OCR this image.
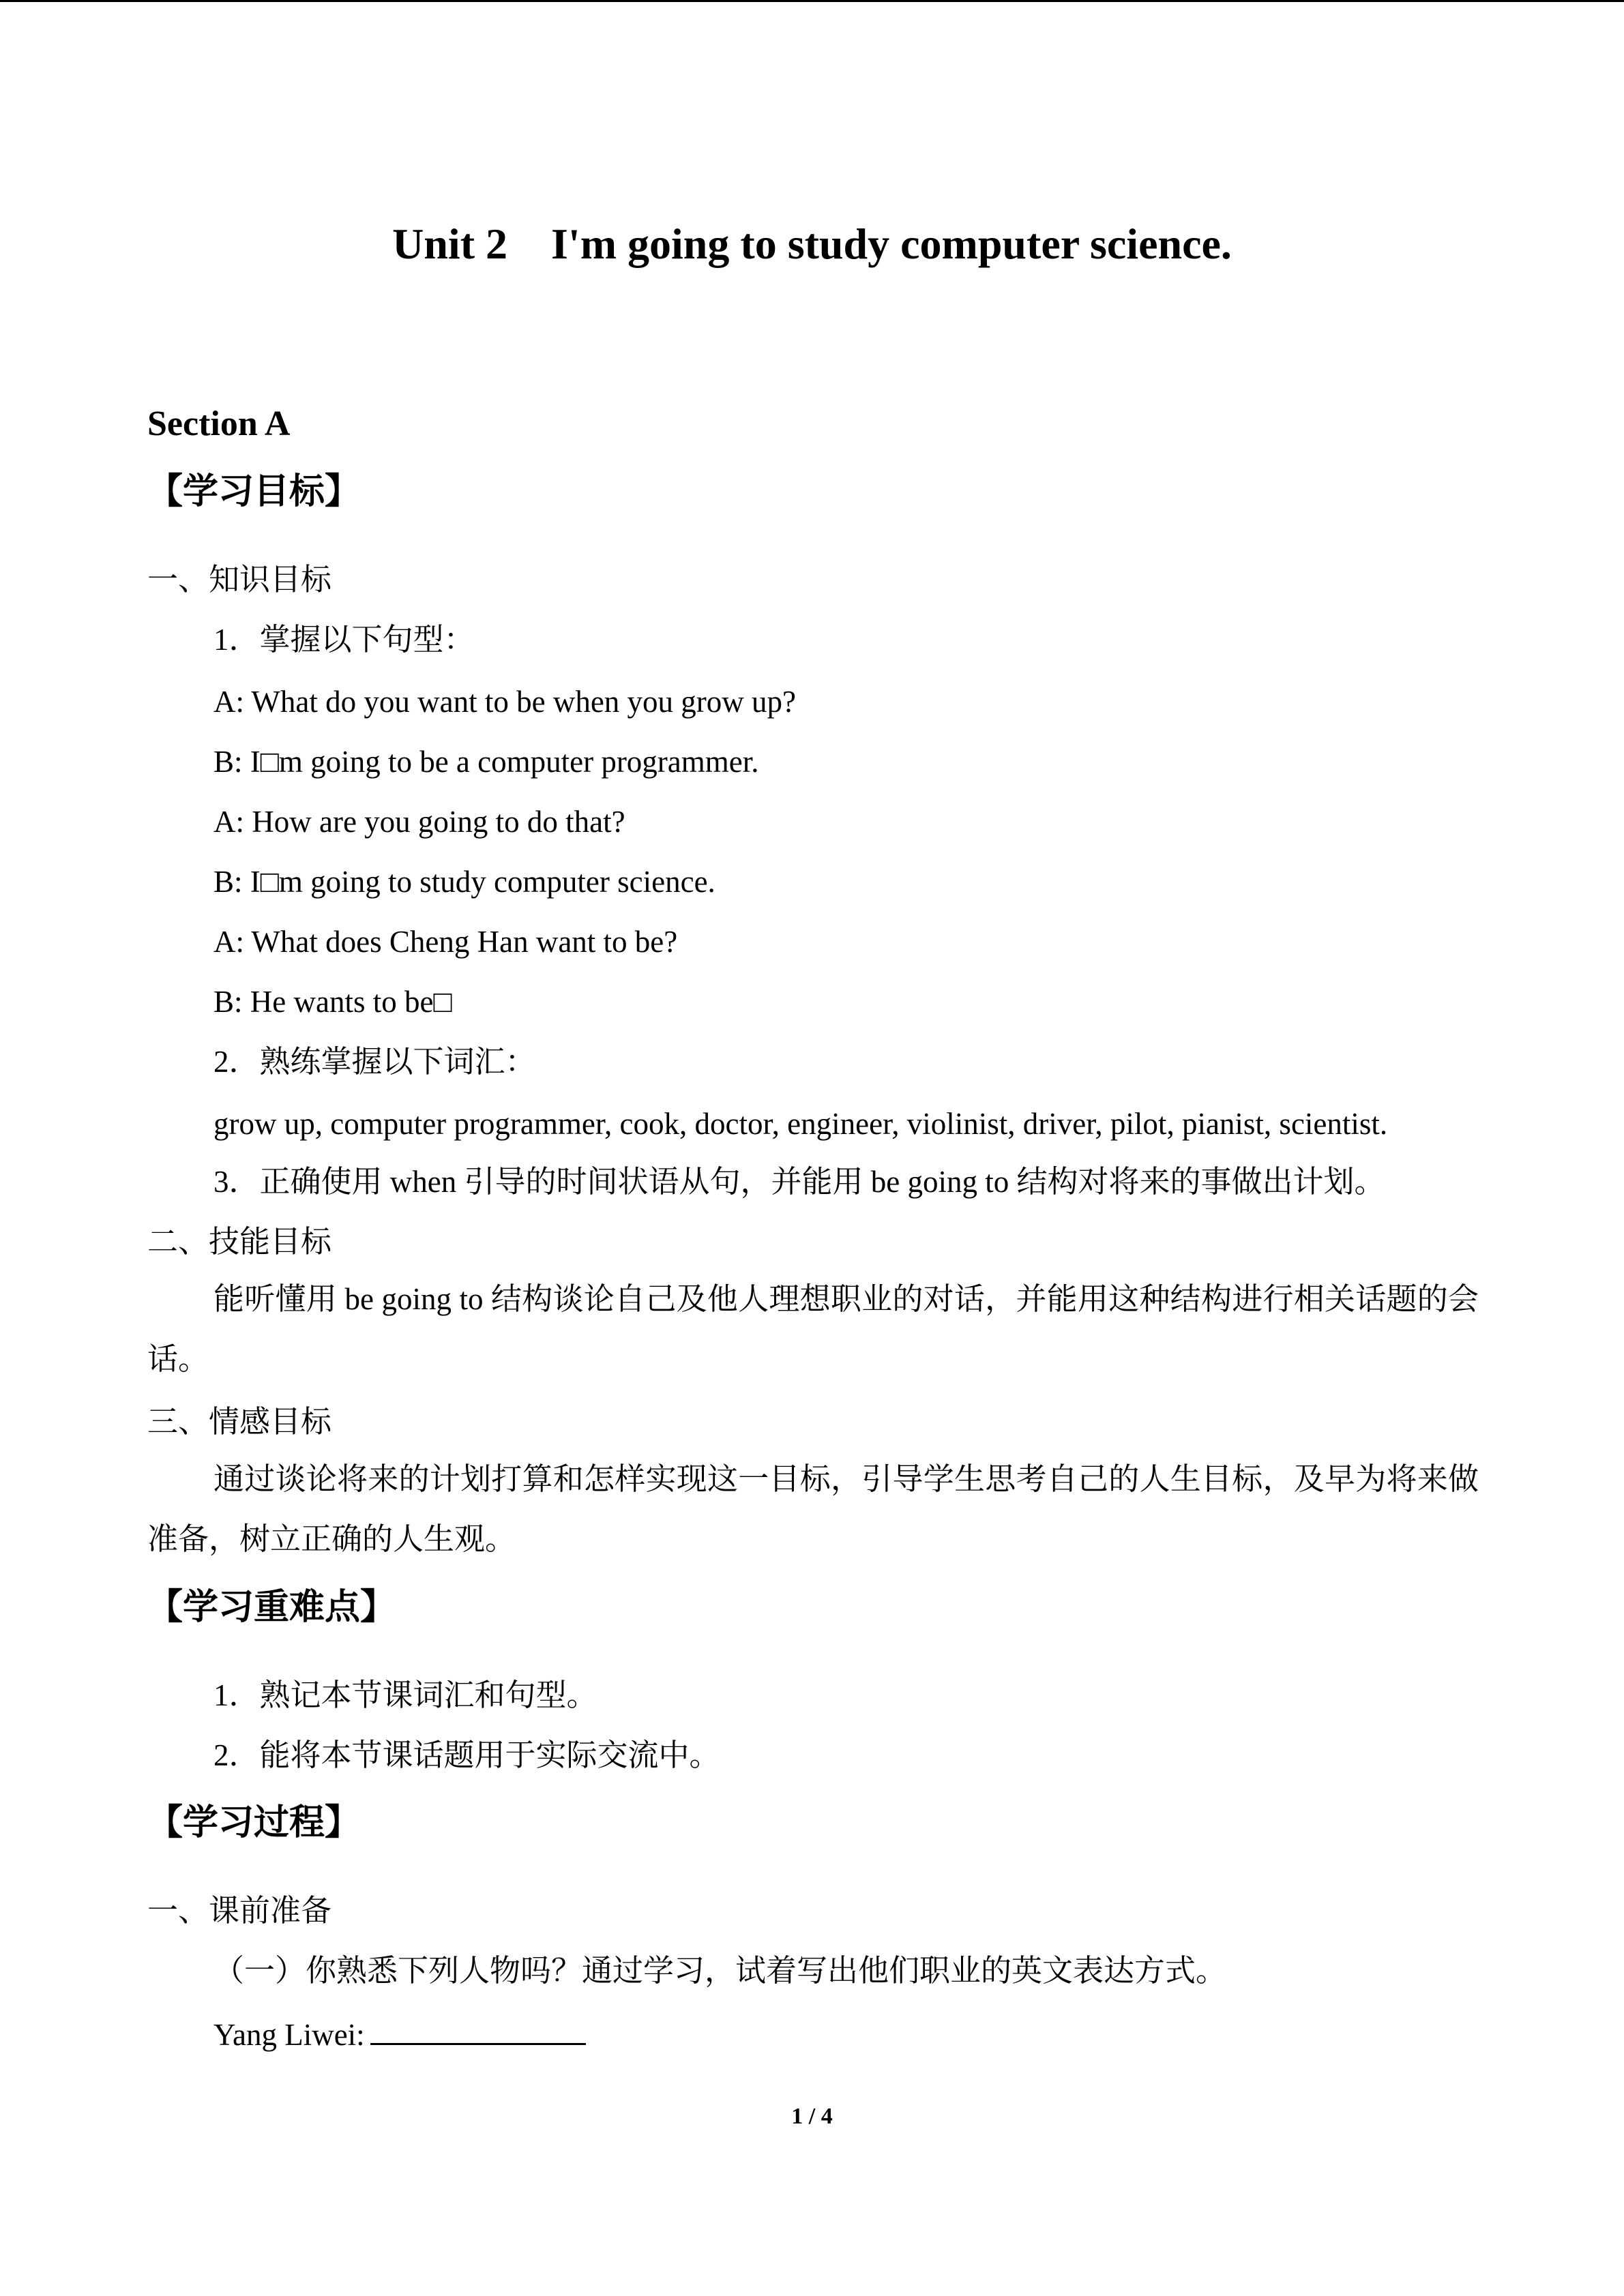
Unit 2    I'm going to study computer science.

Section A

【学习目标】

一、知识目标

1．掌握以下句型：

A: What do you want to be when you grow up?

B: I□m going to be a computer programmer.

A: How are you going to do that?

B: I□m going to study computer science.

A: What does Cheng Han want to be?

B: He wants to be□

2．熟练掌握以下词汇：

grow up, computer programmer, cook, doctor, engineer, violinist, driver, pilot, pianist, scientist.

3．正确使用 when 引导的时间状语从句，并能用 be going to 结构对将来的事做出计划。

二、技能目标

能听懂用 be going to 结构谈论自己及他人理想职业的对话，并能用这种结构进行相关话题的会话。

三、情感目标

通过谈论将来的计划打算和怎样实现这一目标，引导学生思考自己的人生目标，及早为将来做准备，树立正确的人生观。

【学习重难点】

1．熟记本节课词汇和句型。

2．能将本节课话题用于实际交流中。

【学习过程】

一、课前准备

（一）你熟悉下列人物吗？通过学习，试着写出他们职业的英文表达方式。

Yang Liwei:

1 / 4
